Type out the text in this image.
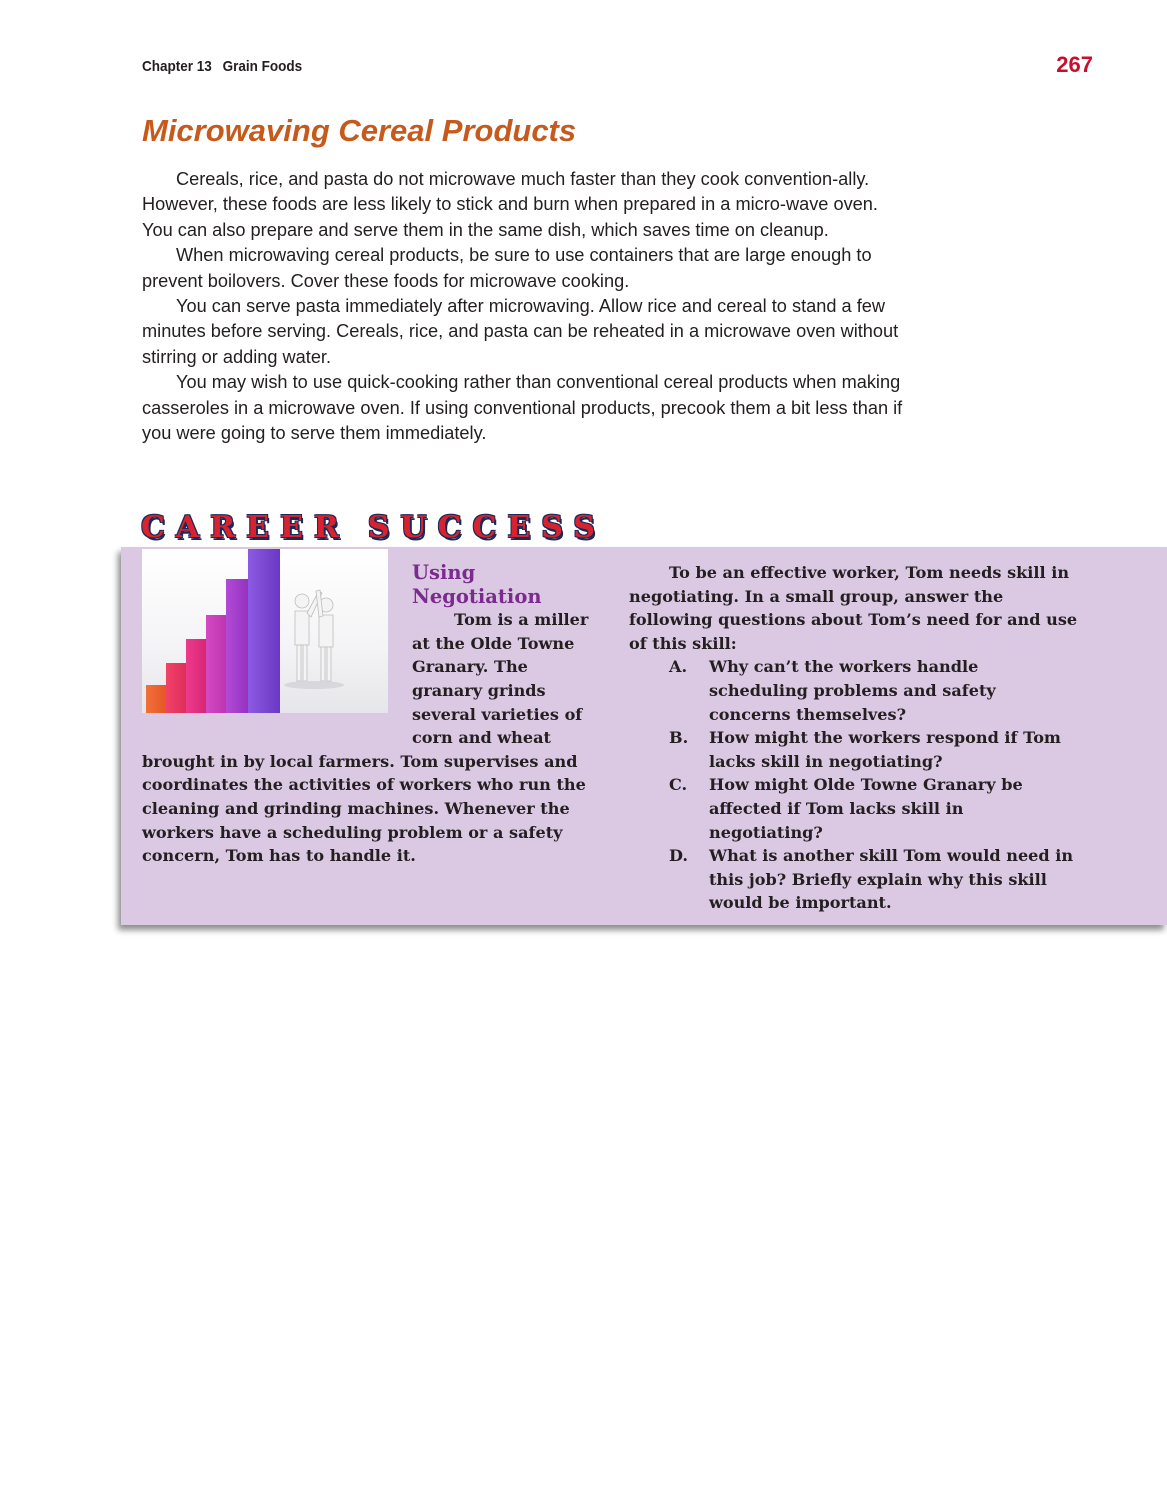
Chapter 13 Grain Foods	267
Microwaving Cereal Products

Cereals, rice, and pasta do not microwave much faster than they cook convention-ally. However, these foods are less likely to stick and burn when prepared in a micro-wave oven. You can also prepare and serve them in the same dish, which saves time on cleanup.

When microwaving cereal products, be sure to use containers that are large enough to prevent boilovers. Cover these foods for microwave cooking.

You can serve pasta immediately after microwaving. Allow rice and cereal to stand a few minutes before serving. Cereals, rice, and pasta can be reheated in a microwave oven without stirring or adding water.

You may wish to use quick-cooking rather than conventional cereal products when making casseroles in a microwave oven. If using conventional products, precook them a bit less than if you were going to serve them immediately.

CAREER SUCCESS
Using Negotiation
Tom is a miller at the Olde Towne Granary. The granary grinds several varieties of corn and wheat brought in by local farmers. Tom supervises and coordinates the activities of workers who run the cleaning and grinding machines. Whenever the workers have a scheduling problem or a safety concern, Tom has to handle it.

To be an effective worker, Tom needs skill in negotiating. In a small group, answer the following questions about Tom’s need for and use of this skill:

A. Why can’t the workers handle scheduling problems and safety concerns themselves?
B. How might the workers respond if Tom lacks skill in negotiating?
C. How might Olde Towne Granary be affected if Tom lacks skill in negotiating?
D. What is another skill Tom would need in this job? Briefly explain why this skill would be important.
